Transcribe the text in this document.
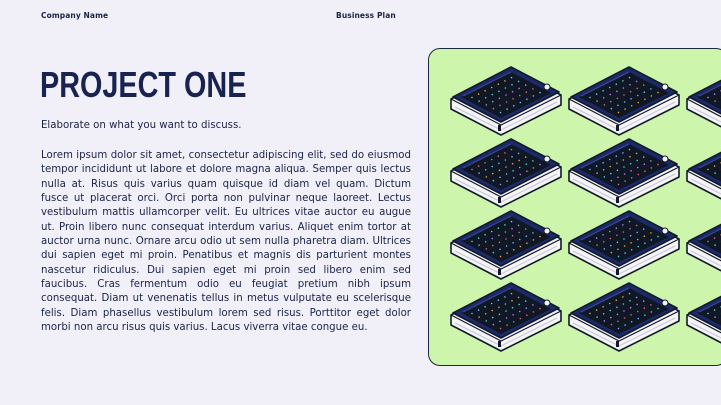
Company Name	Business Plan
PROJECT ONE

Elaborate on what you want to discuss.

Lorem ipsum dolor sit amet, consectetur adipiscing elit, sed do eiusmod tempor incididunt ut labore et dolore magna aliqua. Semper quis lectus nulla at. Risus quis varius quam quisque id diam vel quam. Dictum fusce ut placerat orci. Orci porta non pulvinar neque laoreet. Lectus vestibulum mattis ullamcorper velit. Eu ultrices vitae auctor eu augue ut. Proin libero nunc consequat interdum varius. Aliquet enim tortor at auctor urna nunc. Ornare arcu odio ut sem nulla pharetra diam. Ultrices dui sapien eget mi proin. Penatibus et magnis dis parturient montes nascetur ridiculus. Dui sapien eget mi proin sed libero enim sed faucibus. Cras fermentum odio eu feugiat pretium nibh ipsum consequat. Diam ut venenatis tellus in metus vulputate eu scelerisque felis. Diam phasellus vestibulum lorem sed risus. Porttitor eget dolor morbi non arcu risus quis varius. Lacus viverra vitae congue eu.
